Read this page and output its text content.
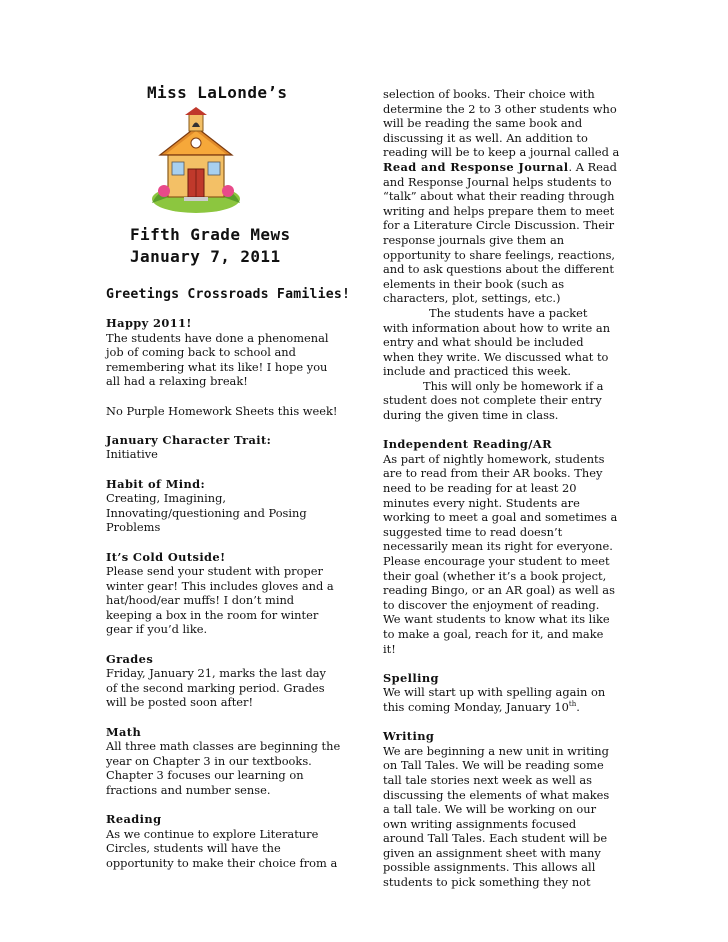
Miss LaLonde’s
Fifth Grade Mews
January 7, 2011
Greetings Crossroads Families!
Happy 2011!
The students have done a phenomenal
job of coming back to school and
remembering what its like! I hope you
all had a relaxing break!
No Purple Homework Sheets this week!
January Character Trait:
Initiative
Habit of Mind:
Creating, Imagining,
Innovating/questioning and Posing
Problems
It’s Cold Outside!
Please send your student with proper
winter gear! This includes gloves and a
hat/hood/ear muffs! I don’t mind
keeping a box in the room for winter
gear if you’d like.
Grades
Friday, January 21, marks the last day
of the second marking period. Grades
will be posted soon after!
Math
All three math classes are beginning the
year on Chapter 3 in our textbooks.
Chapter 3 focuses our learning on
fractions and number sense.
Reading
As we continue to explore Literature
Circles, students will have the
opportunity to make their choice from a
selection of books. Their choice with
determine the 2 to 3 other students who
will be reading the same book and
discussing it as well. An addition to
reading will be to keep a journal called a
Read and Response Journal. A Read
and Response Journal helps students to
“talk” about what their reading through
writing and helps prepare them to meet
for a Literature Circle Discussion. Their
response journals give them an
opportunity to share feelings, reactions,
and to ask questions about the different
elements in their book (such as
characters, plot, settings, etc.)
The students have a packet
with information about how to write an
entry and what should be included
when they write. We discussed what to
include and practiced this week.
This will only be homework if a
student does not complete their entry
during the given time in class.
Independent Reading/AR
As part of nightly homework, students
are to read from their AR books. They
need to be reading for at least 20
minutes every night. Students are
working to meet a goal and sometimes a
suggested time to read doesn’t
necessarily mean its right for everyone.
Please encourage your student to meet
their goal (whether it’s a book project,
reading Bingo, or an AR goal) as well as
to discover the enjoyment of reading.
We want students to know what its like
to make a goal, reach for it, and make
it!
Spelling
We will start up with spelling again on
this coming Monday, January 10th.
Writing
We are beginning a new unit in writing
on Tall Tales. We will be reading some
tall tale stories next week as well as
discussing the elements of what makes
a tall tale. We will be working on our
own writing assignments focused
around Tall Tales. Each student will be
given an assignment sheet with many
possible assignments. This allows all
students to pick something they not
